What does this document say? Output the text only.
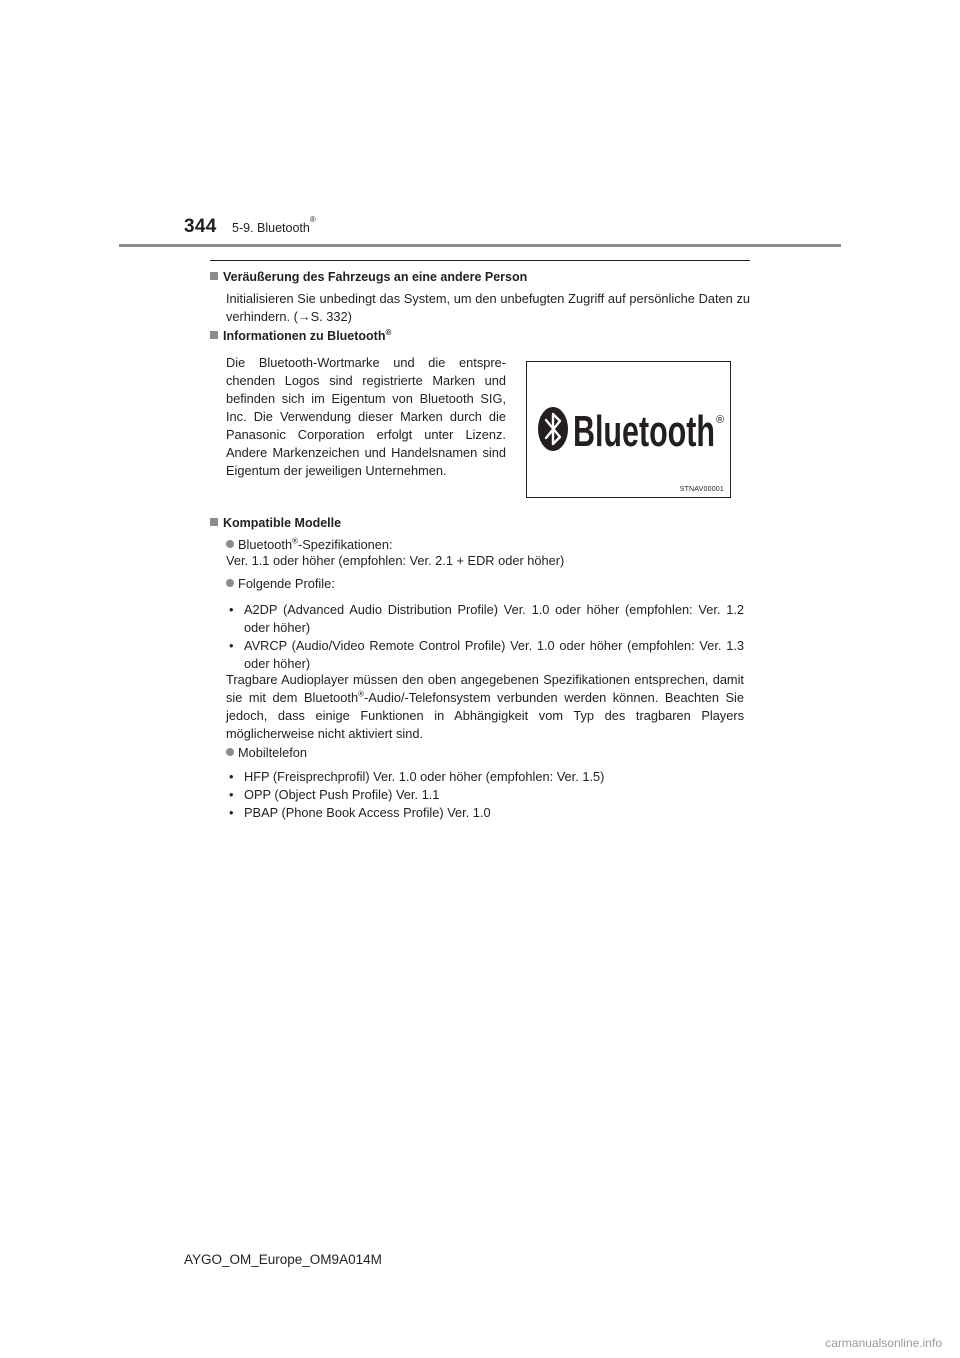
344 5-9. Bluetooth®
Veräußerung des Fahrzeugs an eine andere Person
Initialisieren Sie unbedingt das System, um den unbefugten Zugriff auf persönliche Daten zu verhindern. (→S. 332)
Informationen zu Bluetooth®
Die Bluetooth-Wortmarke und die entspre-chenden Logos sind registrierte Marken und befinden sich im Eigentum von Bluetooth SIG, Inc. Die Verwendung dieser Marken durch die Panasonic Corporation erfolgt unter Lizenz. Andere Markenzeichen und Handelsnamen sind Eigentum der jeweiligen Unternehmen.
Bluetooth ®
STNAV00001
Kompatible Modelle
Bluetooth®-Spezifikationen:
Ver. 1.1 oder höher (empfohlen: Ver. 2.1 + EDR oder höher)
Folgende Profile:
• A2DP (Advanced Audio Distribution Profile) Ver. 1.0 oder höher (empfohlen: Ver. 1.2 oder höher)
• AVRCP (Audio/Video Remote Control Profile) Ver. 1.0 oder höher (empfohlen: Ver. 1.3 oder höher)
Tragbare Audioplayer müssen den oben angegebenen Spezifikationen entsprechen, damit sie mit dem Bluetooth®-Audio/-Telefonsystem verbunden werden können. Beachten Sie jedoch, dass einige Funktionen in Abhängigkeit vom Typ des tragbaren Players möglicherweise nicht aktiviert sind.
Mobiltelefon
• HFP (Freisprechprofil) Ver. 1.0 oder höher (empfohlen: Ver. 1.5)
• OPP (Object Push Profile) Ver. 1.1
• PBAP (Phone Book Access Profile) Ver. 1.0
AYGO_OM_Europe_OM9A014M
carmanualsonline.info
